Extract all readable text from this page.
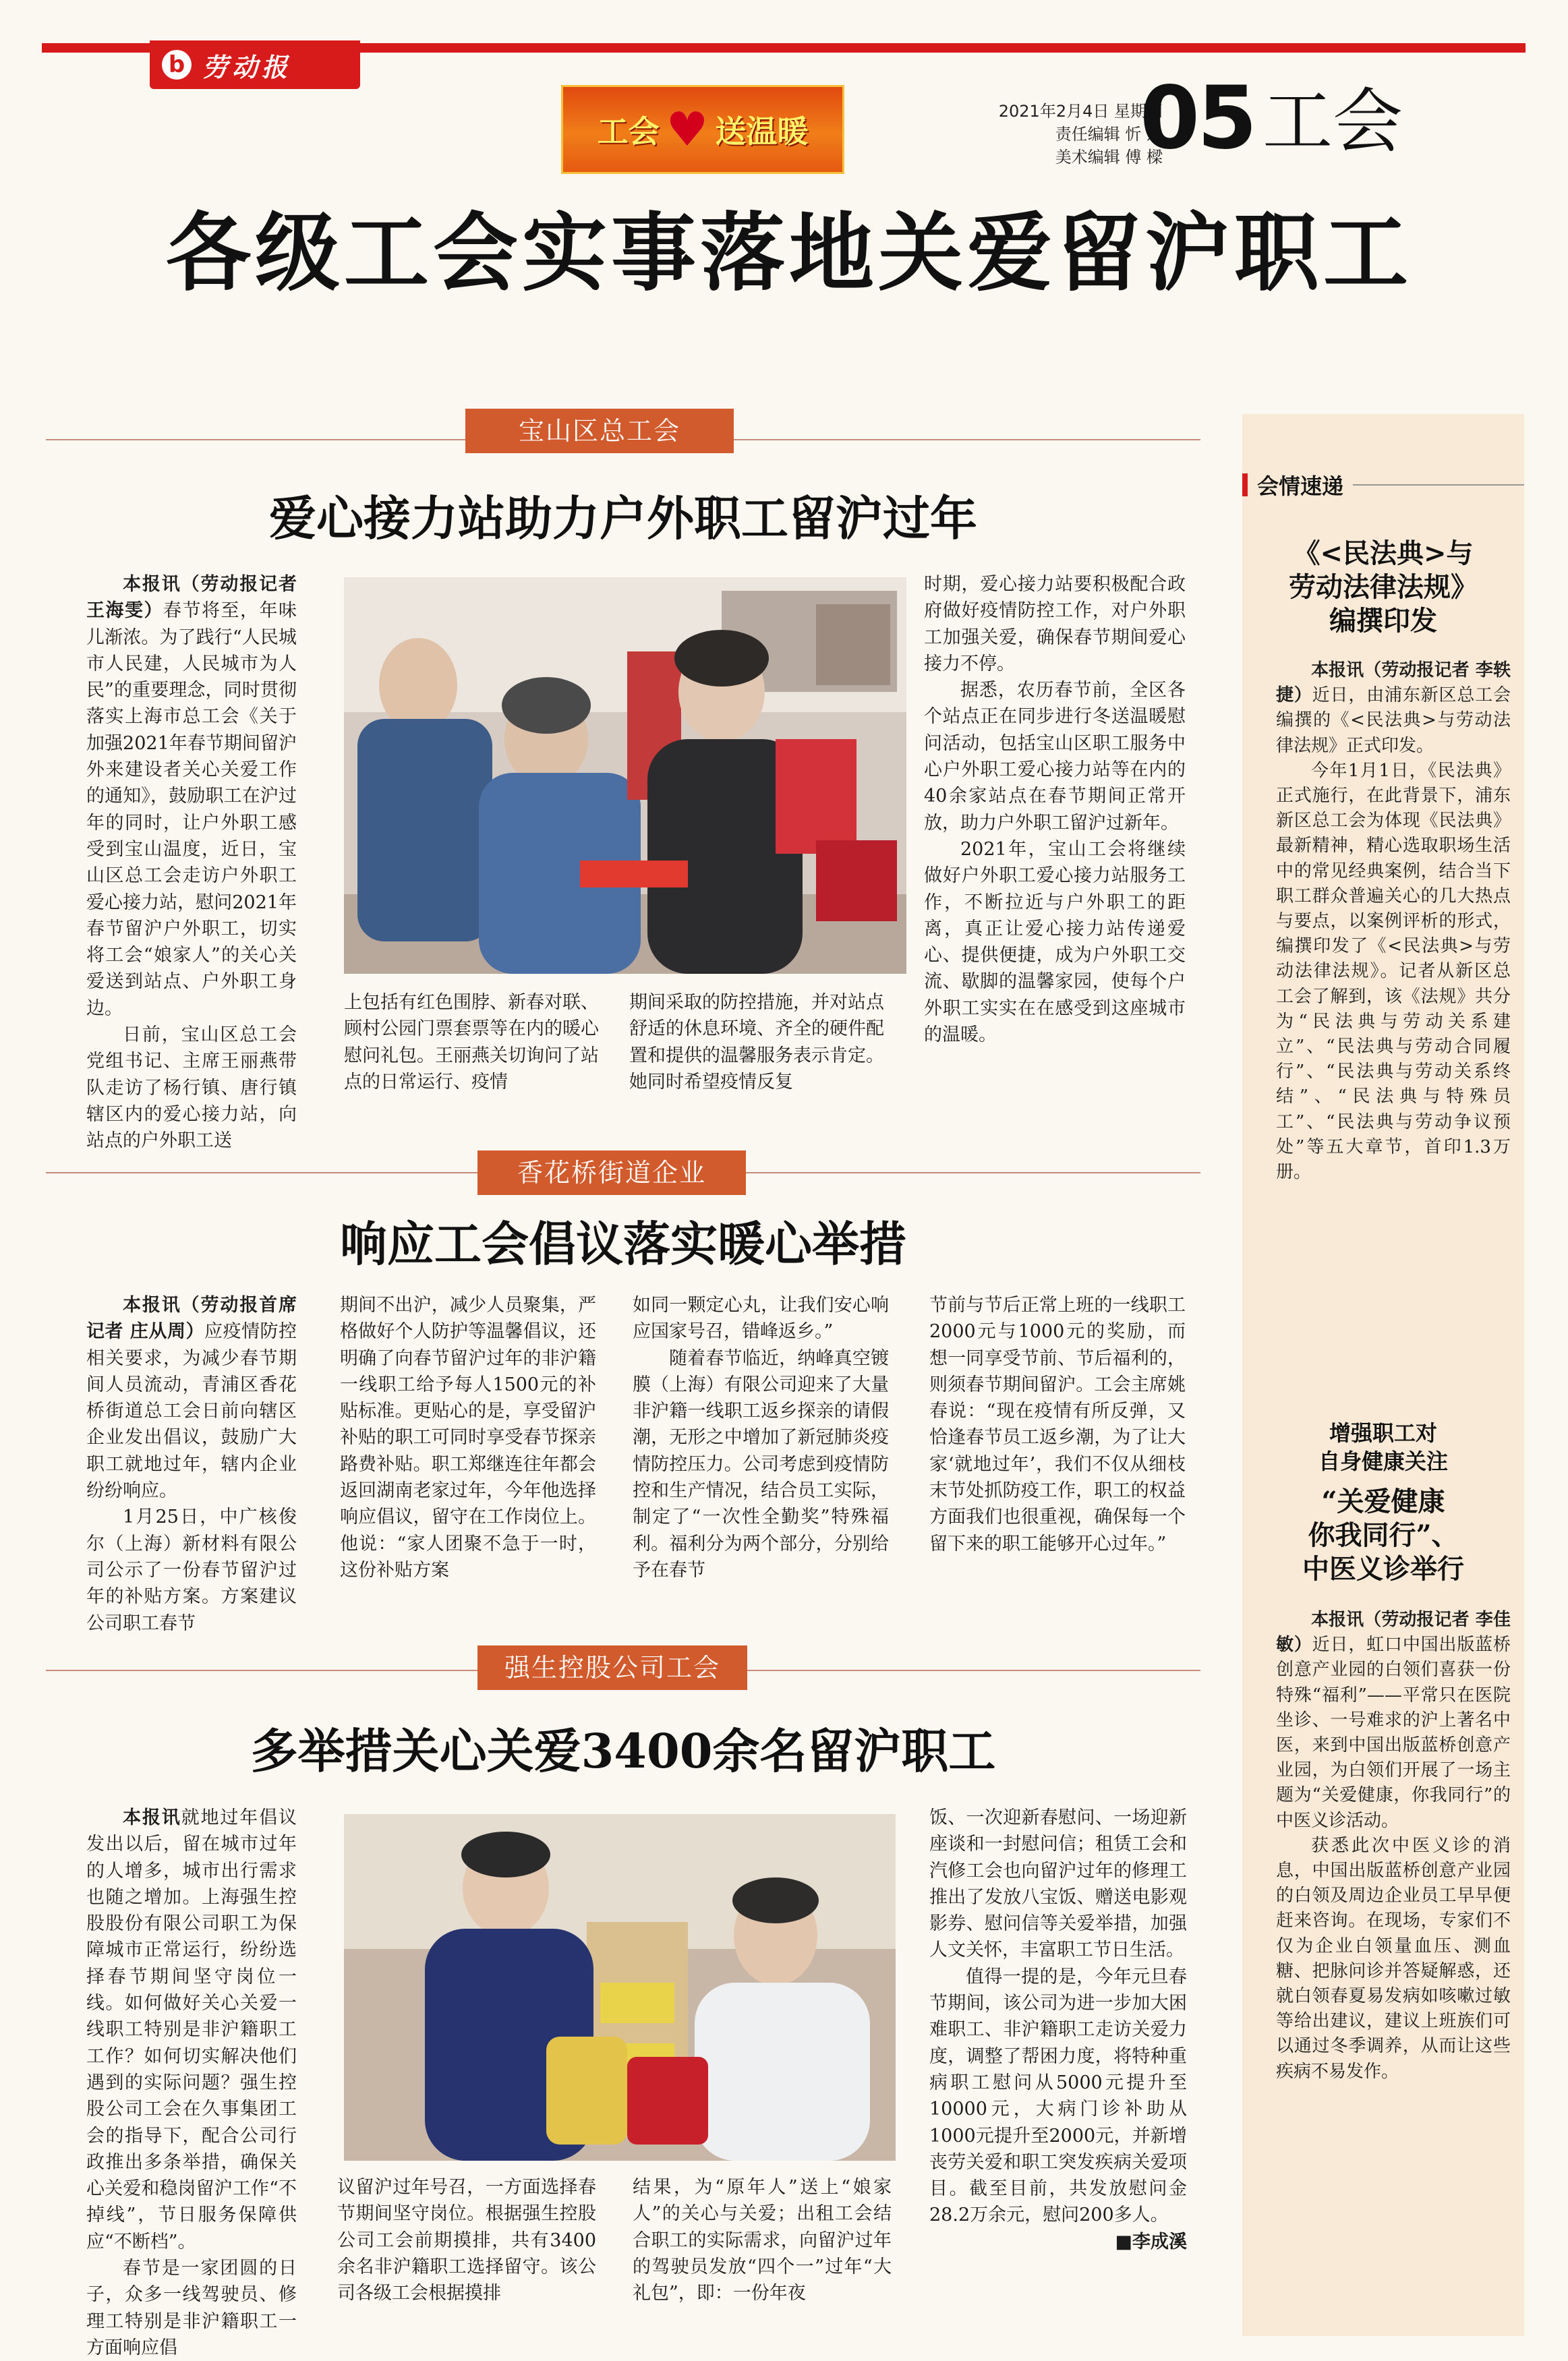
b 劳动报
工会 ♥ 送温暖
2021年2月4日 星期四
责任编辑 忻 意
美术编辑 傅 樑
05 工会
各级工会实事落地关爱留沪职工
宝山区总工会
爱心接力站助力户外职工留沪过年

本报讯（劳动报记者 王海雯）春节将至，年味儿渐浓。为了践行“人民城市人民建，人民城市为人民”的重要理念，同时贯彻落实上海市总工会《关于加强2021年春节期间留沪外来建设者关心关爱工作的通知》，鼓励职工在沪过年的同时，让户外职工感受到宝山温度，近日，宝山区总工会走访户外职工爱心接力站，慰问2021年春节留沪户外职工，切实将工会“娘家人”的关心关爱送到站点、户外职工身边。

日前，宝山区总工会党组书记、主席王丽燕带队走访了杨行镇、唐行镇辖区内的爱心接力站，向站点的户外职工送

上包括有红色围脖、新春对联、顾村公园门票套票等在内的暖心慰问礼包。王丽燕关切询问了站点的日常运行、疫情

期间采取的防控措施，并对站点舒适的休息环境、齐全的硬件配置和提供的温馨服务表示肯定。她同时希望疫情反复

时期，爱心接力站要积极配合政府做好疫情防控工作，对户外职工加强关爱，确保春节期间爱心接力不停。

据悉，农历春节前，全区各个站点正在同步进行冬送温暖慰问活动，包括宝山区职工服务中心户外职工爱心接力站等在内的40余家站点在春节期间正常开放，助力户外职工留沪过新年。

2021年，宝山工会将继续做好户外职工爱心接力站服务工作，不断拉近与户外职工的距离，真正让爱心接力站传递爱心、提供便捷，成为户外职工交流、歇脚的温馨家园，使每个户外职工实实在在感受到这座城市的温暖。

香花桥街道企业
响应工会倡议落实暖心举措

本报讯（劳动报首席记者 庄从周）应疫情防控相关要求，为减少春节期间人员流动，青浦区香花桥街道总工会日前向辖区企业发出倡议，鼓励广大职工就地过年，辖内企业纷纷响应。

1月25日，中广核俊尔（上海）新材料有限公司公示了一份春节留沪过年的补贴方案。方案建议公司职工春节

期间不出沪，减少人员聚集，严格做好个人防护等温馨倡议，还明确了向春节留沪过年的非沪籍一线职工给予每人1500元的补贴标准。更贴心的是，享受留沪补贴的职工可同时享受春节探亲路费补贴。职工郑继连往年都会返回湖南老家过年，今年他选择响应倡议，留守在工作岗位上。他说：“家人团聚不急于一时，这份补贴方案

如同一颗定心丸，让我们安心响应国家号召，错峰返乡。”

随着春节临近，纳峰真空镀膜（上海）有限公司迎来了大量非沪籍一线职工返乡探亲的请假潮，无形之中增加了新冠肺炎疫情防控压力。公司考虑到疫情防控和生产情况，结合员工实际，制定了“一次性全勤奖”特殊福利。福利分为两个部分，分别给予在春节

节前与节后正常上班的一线职工2000元与1000元的奖励，而想一同享受节前、节后福利的，则须春节期间留沪。工会主席姚春说：“现在疫情有所反弹，又恰逢春节员工返乡潮，为了让大家‘就地过年’，我们不仅从细枝末节处抓防疫工作，职工的权益方面我们也很重视，确保每一个留下来的职工能够开心过年。”

强生控股公司工会
多举措关心关爱3400余名留沪职工

本报讯就地过年倡议发出以后，留在城市过年的人增多，城市出行需求也随之增加。上海强生控股股份有限公司职工为保障城市正常运行，纷纷选择春节期间坚守岗位一线。如何做好关心关爱一线职工特别是非沪籍职工工作？如何切实解决他们遇到的实际问题？强生控股公司工会在久事集团工会的指导下，配合公司行政推出多条举措，确保关心关爱和稳岗留沪工作“不掉线”，节日服务保障供应“不断档”。

春节是一家团圆的日子，众多一线驾驶员、修理工特别是非沪籍职工一方面响应倡

议留沪过年号召，一方面选择春节期间坚守岗位。根据强生控股公司工会前期摸排，共有3400余名非沪籍职工选择留守。该公司各级工会根据摸排

结果，为“原年人”送上“娘家人”的关心与关爱；出租工会结合职工的实际需求，向留沪过年的驾驶员发放“四个一”过年“大礼包”，即：一份年夜

饭、一次迎新春慰问、一场迎新座谈和一封慰问信；租赁工会和汽修工会也向留沪过年的修理工推出了发放八宝饭、赠送电影观影券、慰问信等关爱举措，加强人文关怀，丰富职工节日生活。

值得一提的是，今年元旦春节期间，该公司为进一步加大困难职工、非沪籍职工走访关爱力度，调整了帮困力度，将特种重病职工慰问从5000元提升至10000元，大病门诊补助从1000元提升至2000元，并新增丧劳关爱和职工突发疾病关爱项目。截至目前，共发放慰问金28.2万余元，慰问200多人。
■李成溪

会情速递
《<民法典>与
劳动法律法规》
编撰印发

本报讯（劳动报记者 李轶捷）近日，由浦东新区总工会编撰的《<民法典>与劳动法律法规》正式印发。

今年1月1日，《民法典》正式施行，在此背景下，浦东新区总工会为体现《民法典》最新精神，精心选取职场生活中的常见经典案例，结合当下职工群众普遍关心的几大热点与要点，以案例评析的形式，编撰印发了《<民法典>与劳动法律法规》。记者从新区总工会了解到，该《法规》共分为“民法典与劳动关系建立”、“民法典与劳动合同履行”、“民法典与劳动关系终结”、“民法典与特殊员工”、“民法典与劳动争议预处”等五大章节，首印1.3万册。

增强职工对
自身健康关注
“关爱健康
你我同行”、
中医义诊举行

本报讯（劳动报记者 李佳敏）近日，虹口中国出版蓝桥创意产业园的白领们喜获一份特殊“福利”——平常只在医院坐诊、一号难求的沪上著名中医，来到中国出版蓝桥创意产业园，为白领们开展了一场主题为“关爱健康，你我同行”的中医义诊活动。

获悉此次中医义诊的消息，中国出版蓝桥创意产业园的白领及周边企业员工早早便赶来咨询。在现场，专家们不仅为企业白领量血压、测血糖、把脉问诊并答疑解惑，还就白领春夏易发病如咳嗽过敏等给出建议，建议上班族们可以通过冬季调养，从而让这些疾病不易发作。
